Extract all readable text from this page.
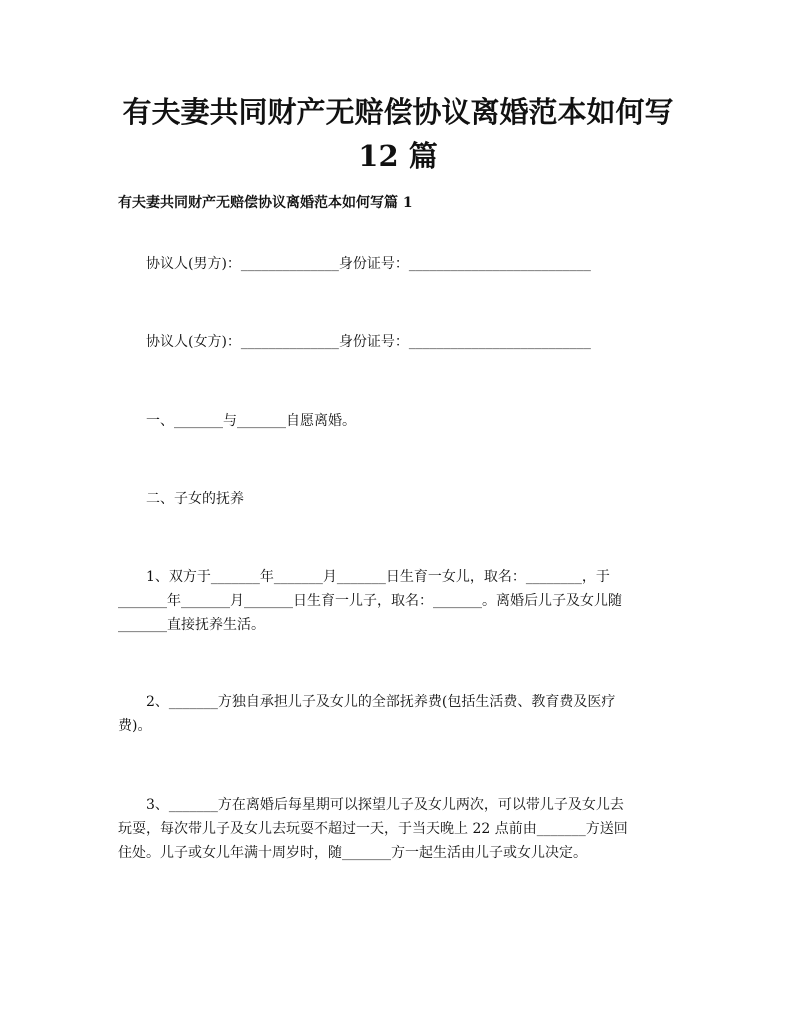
有夫妻共同财产无赔偿协议离婚范本如何写
12 篇
有夫妻共同财产无赔偿协议离婚范本如何写篇 1

协议人(男方)：______________身份证号：__________________________

协议人(女方)：______________身份证号：__________________________

一、_______与_______自愿离婚。

二、子女的抚养

1、双方于_______年_______月_______日生育一女儿，取名：________，于
_______年_______月_______日生育一儿子，取名：_______。离婚后儿子及女儿随
_______直接抚养生活。
2、_______方独自承担儿子及女儿的全部抚养费(包括生活费、教育费及医疗
费)。
3、_______方在离婚后每星期可以探望儿子及女儿两次，可以带儿子及女儿去
玩耍，每次带儿子及女儿去玩耍不超过一天，于当天晚上 22 点前由_______方送回
住处。儿子或女儿年满十周岁时，随_______方一起生活由儿子或女儿决定。
